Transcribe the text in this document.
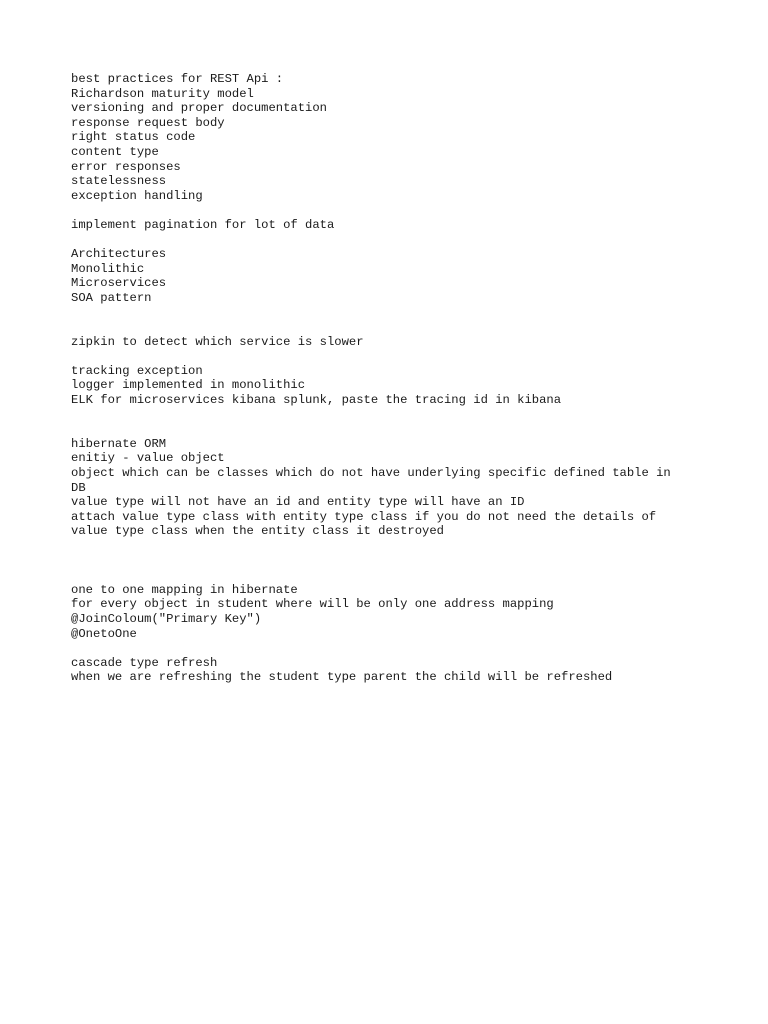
best practices for REST Api :
Richardson maturity model
versioning and proper documentation
response request body
right status code
content type
error responses
statelessness
exception handling
implement pagination for lot of data
Architectures
Monolithic
Microservices
SOA pattern
zipkin to detect which service is slower
tracking exception
logger implemented in monolithic
ELK for microservices kibana splunk, paste the tracing id in kibana
hibernate ORM
enitiy - value object
object which can be classes which do not have underlying specific defined table in
DB
value type will not have an id and entity type will have an ID
attach value type class with entity type class if you do not need the details of
value type class when the entity class it destroyed
one to one mapping in hibernate
for every object in student where will be only one address mapping
@JoinColoum("Primary Key")
@OnetoOne
cascade type refresh
when we are refreshing the student type parent the child will be refreshed
